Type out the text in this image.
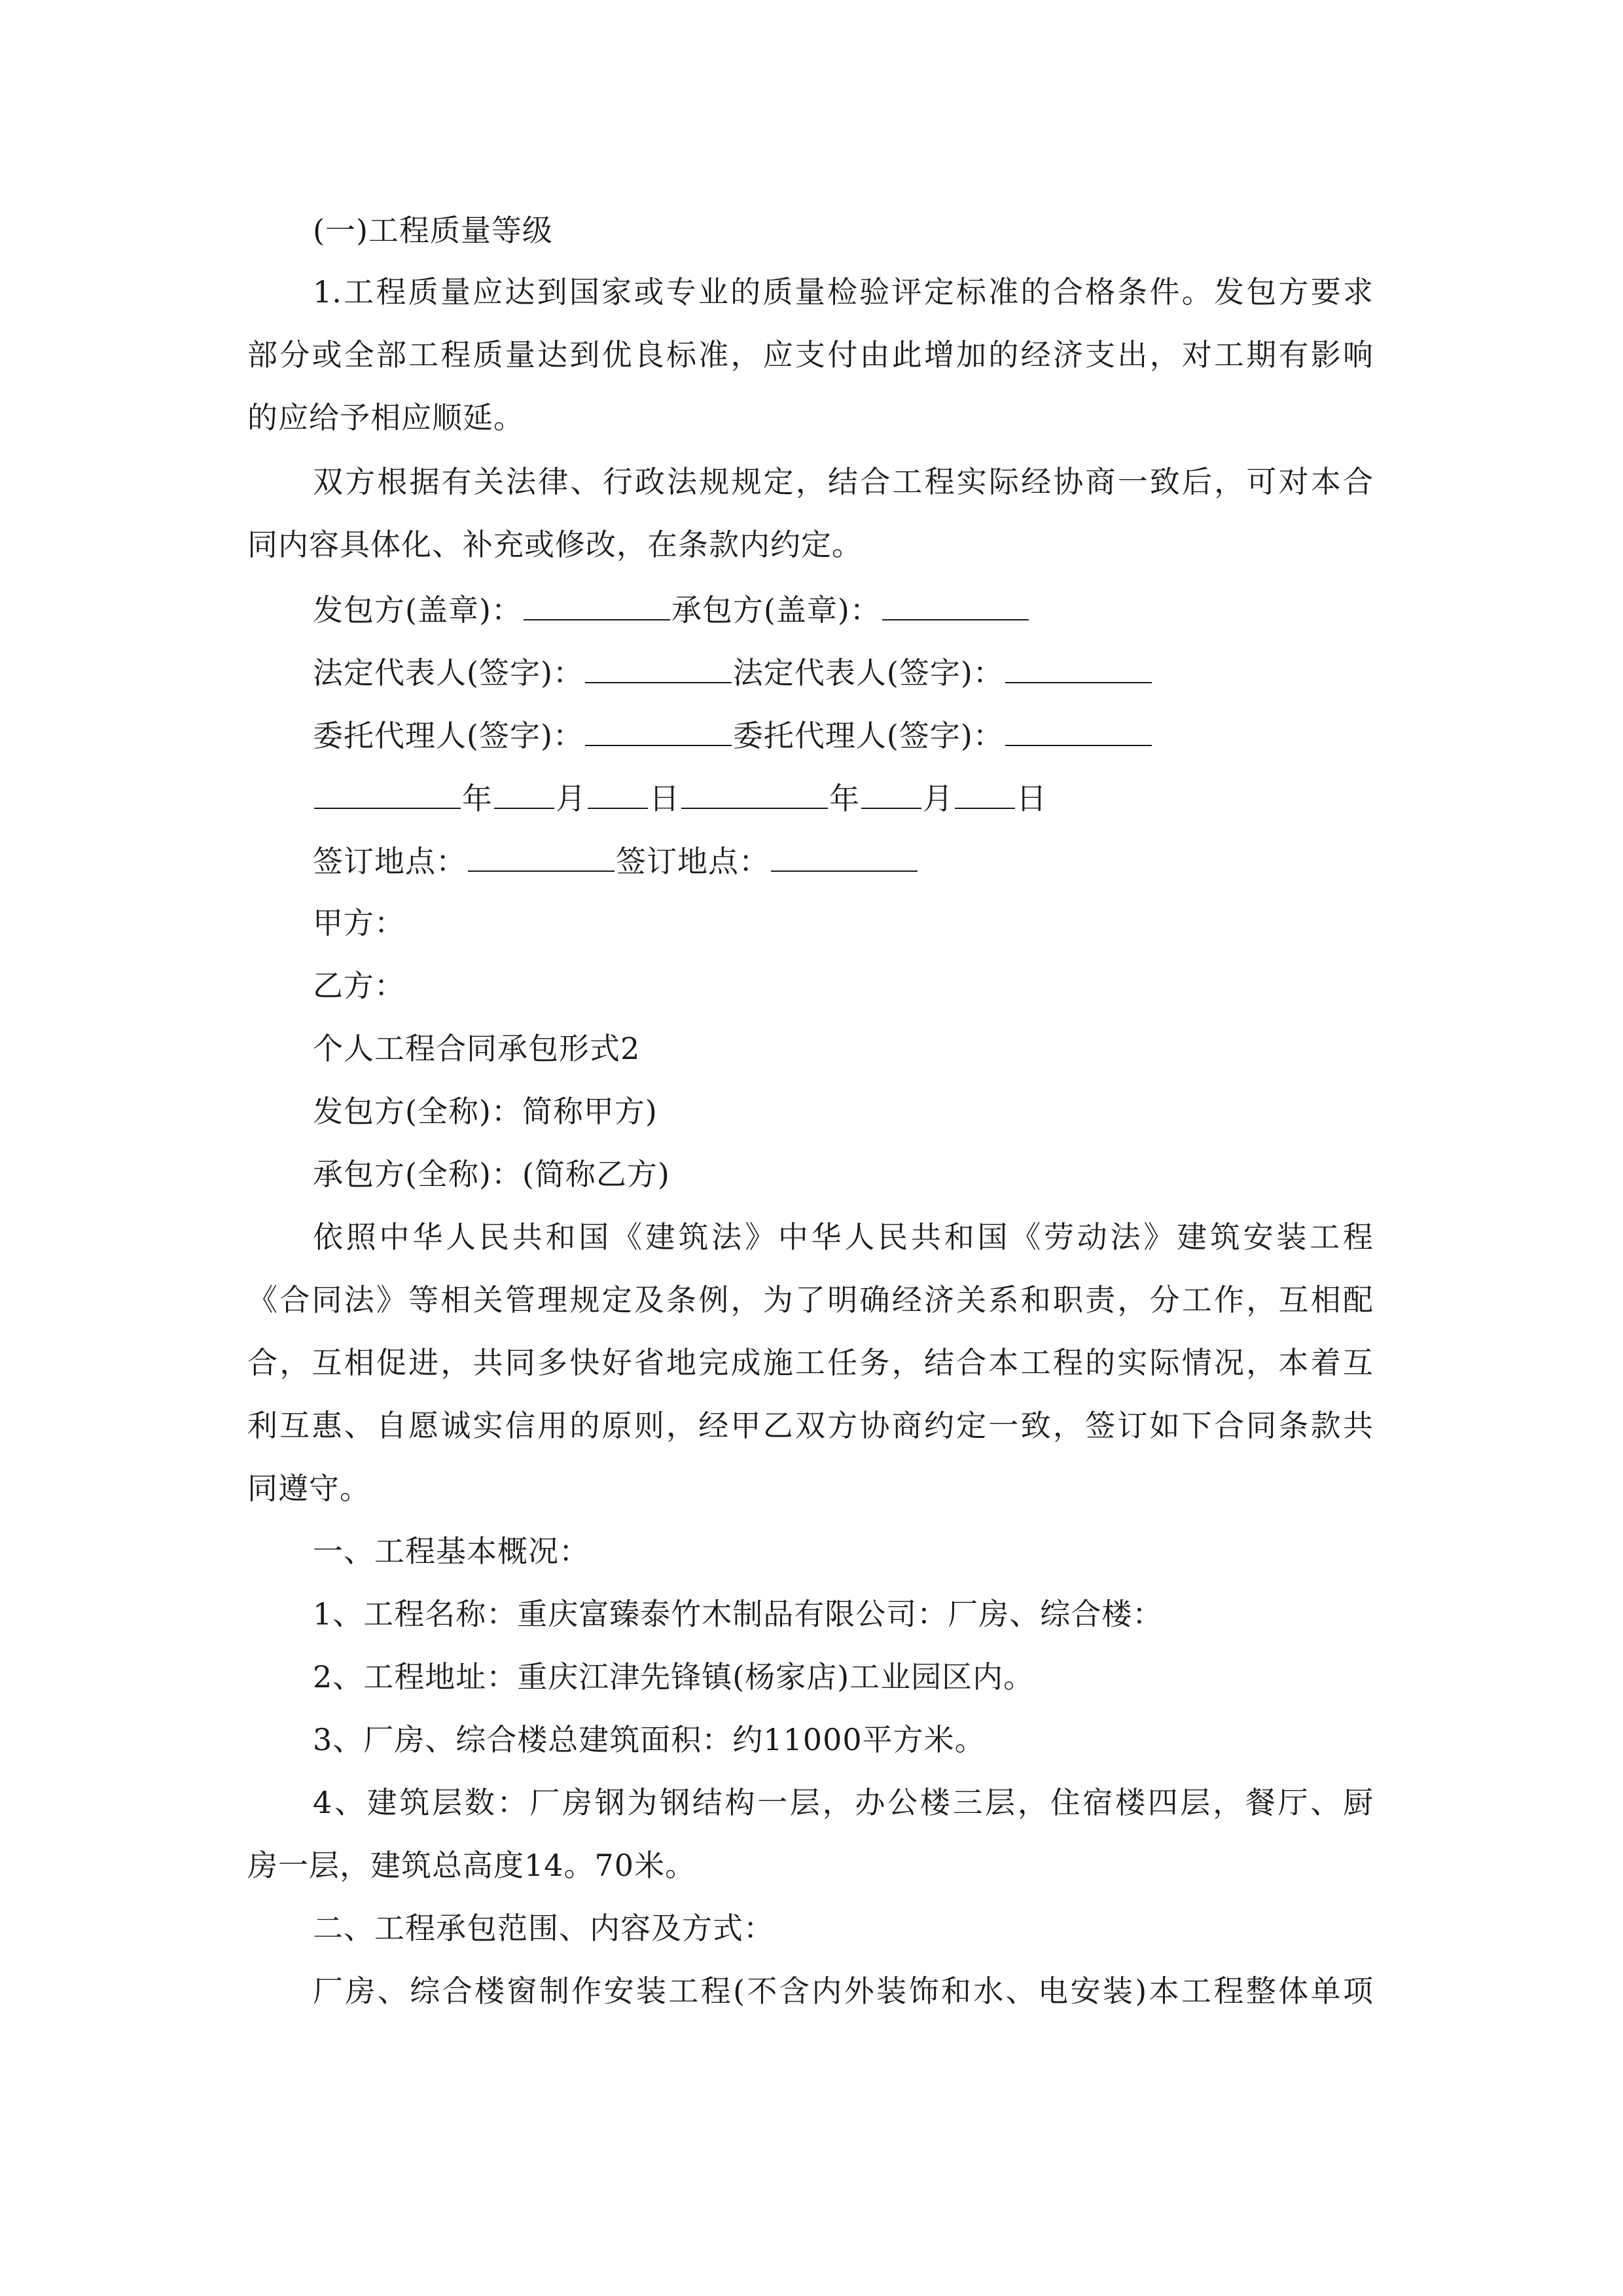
(一)工程质量等级
1.工程质量应达到国家或专业的质量检验评定标准的合格条件。发包方要求
部分或全部工程质量达到优良标准，应支付由此增加的经济支出，对工期有影响
的应给予相应顺延。
双方根据有关法律、行政法规规定，结合工程实际经协商一致后，可对本合
同内容具体化、补充或修改，在条款内约定。
发包方(盖章)：	承包方(盖章)：
法定代表人(签字)：	法定代表人(签字)：
委托代理人(签字)：	委托代理人(签字)：
年 月 日	年 月 日
签订地点：	签订地点：
甲方：
乙方：
个人工程合同承包形式2
发包方(全称)：简称甲方)
承包方(全称)：(简称乙方)
依照中华人民共和国《建筑法》中华人民共和国《劳动法》建筑安装工程
《合同法》等相关管理规定及条例，为了明确经济关系和职责，分工作，互相配
合，互相促进，共同多快好省地完成施工任务，结合本工程的实际情况，本着互
利互惠、自愿诚实信用的原则，经甲乙双方协商约定一致，签订如下合同条款共
同遵守。
一、工程基本概况：
1、工程名称：重庆富臻泰竹木制品有限公司：厂房、综合楼：
2、工程地址：重庆江津先锋镇(杨家店)工业园区内。
3、厂房、综合楼总建筑面积：约11000平方米。
4、建筑层数：厂房钢为钢结构一层，办公楼三层，住宿楼四层，餐厅、厨
房一层，建筑总高度14。70米。
二、工程承包范围、内容及方式：
厂房、综合楼窗制作安装工程(不含内外装饰和水、电安装)本工程整体单项
